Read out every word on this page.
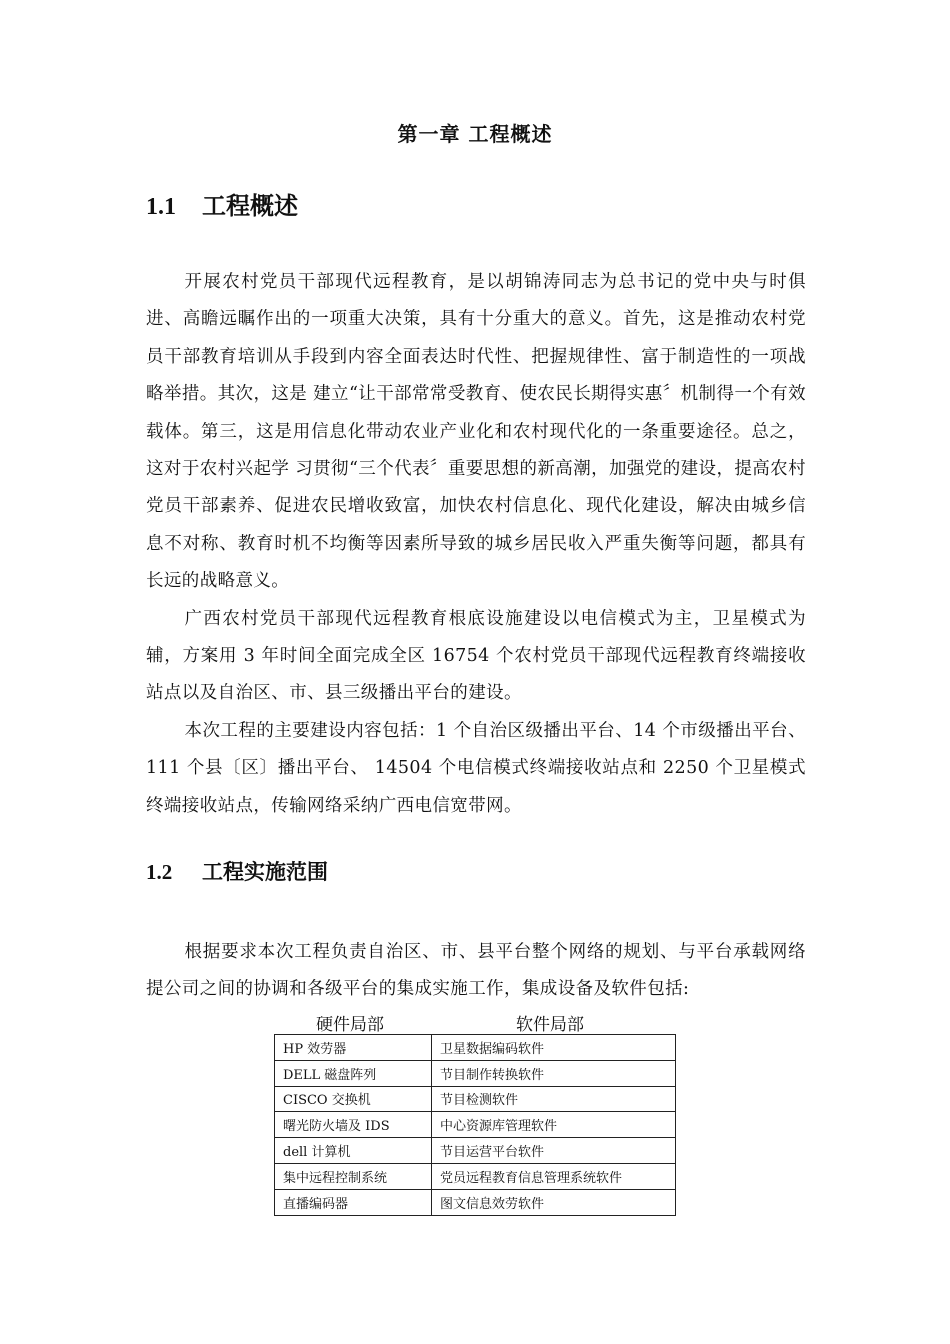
第一章 工程概述
1.1 工程概述

开展农村党员干部现代远程教育，是以胡锦涛同志为总书记的党中央与时俱进、高瞻远瞩作出的一项重大决策，具有十分重大的意义。首先，这是推动农村党员干部教育培训从手段到内容全面表达时代性、把握规律性、富于制造性的一项战略举措。其次，这是 建立“让干部常常受教育、使农民长期得实惠〞机制得一个有效载体。第三，这是用信息化带动农业产业化和农村现代化的一条重要途径。总之，这对于农村兴起学 习贯彻“三个代表〞重要思想的新高潮，加强党的建设，提高农村党员干部素养、促进农民增收致富，加快农村信息化、现代化建设，解决由城乡信息不对称、教育时机不均衡等因素所导致的城乡居民收入严重失衡等问题，都具有长远的战略意义。

广西农村党员干部现代远程教育根底设施建设以电信模式为主，卫星模式为辅，方案用 3 年时间全面完成全区 16754 个农村党员干部现代远程教育终端接收站点以及自治区、市、县三级播出平台的建设。

本次工程的主要建设内容包括：1 个自治区级播出平台、14 个市级播出平台、111 个县〔区〕播出平台、 14504 个电信模式终端接收站点和 2250 个卫星模式终端接收站点，传输网络采纳广西电信宽带网。

1.2 工程实施范围

根据要求本次工程负责自治区、市、县平台整个网络的规划、与平台承载网络提公司之间的协调和各级平台的集成实施工作，集成设备及软件包括:

硬件局部	软件局部
HP 效劳器	卫星数据编码软件
DELL 磁盘阵列	节目制作转换软件
CISCO 交换机	节目检测软件
曙光防火墙及 IDS	中心资源库管理软件
dell 计算机	节目运营平台软件
集中远程控制系统	党员远程教育信息管理系统软件
直播编码器	图文信息效劳软件
